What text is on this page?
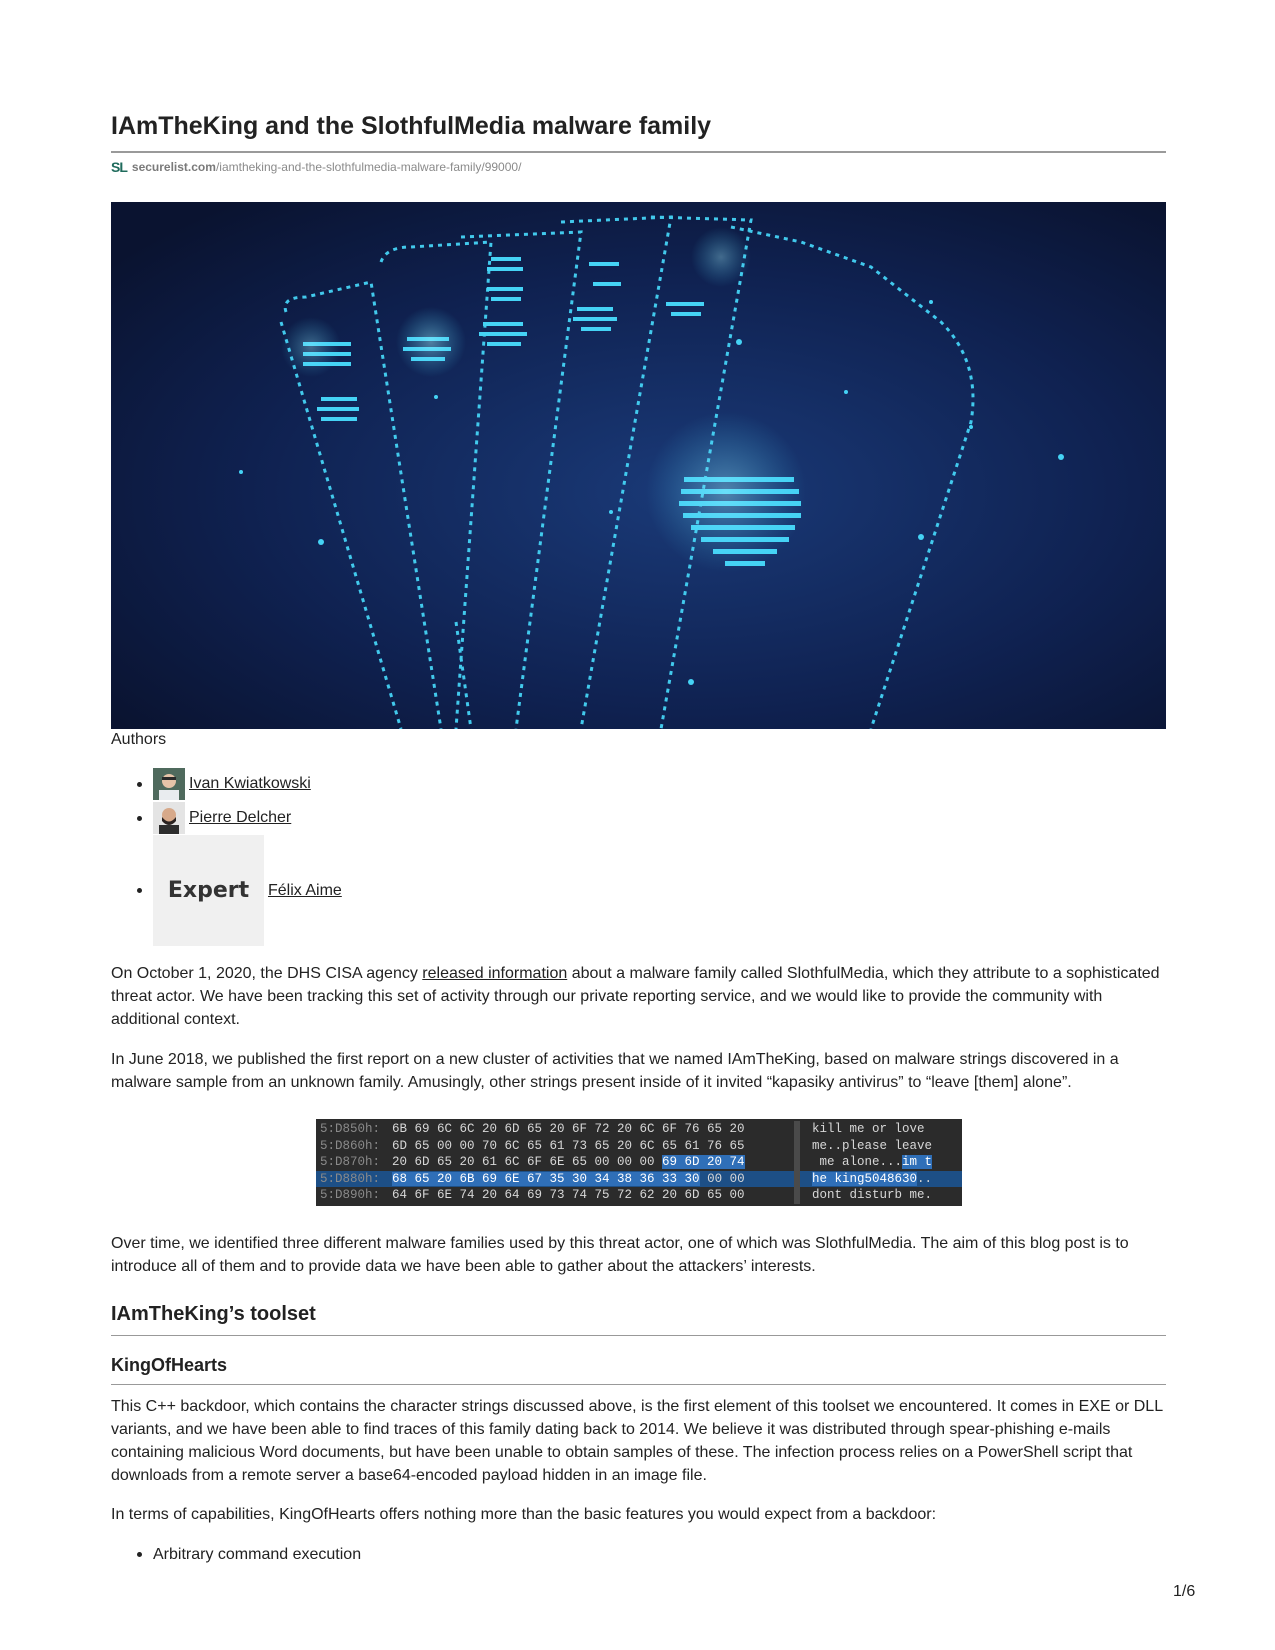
IAmTheKing and the SlothfulMedia malware family
SL securelist.com/iamtheking-and-the-slothfulmedia-malware-family/99000/
Authors
Ivan Kwiatkowski
Pierre Delcher
Expert	Félix Aime

On October 1, 2020, the DHS CISA agency released information about a malware family called SlothfulMedia, which they attribute to a sophisticated threat actor. We have been tracking this set of activity through our private reporting service, and we would like to provide the community with additional context.

In June 2018, we published the first report on a new cluster of activities that we named IAmTheKing, based on malware strings discovered in a malware sample from an unknown family. Amusingly, other strings present inside of it invited “kapasiky antivirus” to “leave [them] alone”.

5:D850h: 6B 69 6C 6C 20 6D 65 20 6F 72 20 6C 6F 76 65 20	kill me or love
5:D860h: 6D 65 00 00 70 6C 65 61 73 65 20 6C 65 61 76 65	me..please leave
5:D870h: 20 6D 65 20 61 6C 6F 6E 65 00 00 00 69 6D 20 74	me alone...im t
5:D880h: 68 65 20 6B 69 6E 67 35 30 34 38 36 33 30 00 00	he king5048630..
5:D890h: 64 6F 6E 74 20 64 69 73 74 75 72 62 20 6D 65 00	dont disturb me.

Over time, we identified three different malware families used by this threat actor, one of which was SlothfulMedia. The aim of this blog post is to introduce all of them and to provide data we have been able to gather about the attackers’ interests.

IAmTheKing’s toolset
KingOfHearts

This C++ backdoor, which contains the character strings discussed above, is the first element of this toolset we encountered. It comes in EXE or DLL variants, and we have been able to find traces of this family dating back to 2014. We believe it was distributed through spear-phishing e-mails containing malicious Word documents, but have been unable to obtain samples of these. The infection process relies on a PowerShell script that downloads from a remote server a base64-encoded payload hidden in an image file.

In terms of capabilities, KingOfHearts offers nothing more than the basic features you would expect from a backdoor:

Arbitrary command execution
1/6
